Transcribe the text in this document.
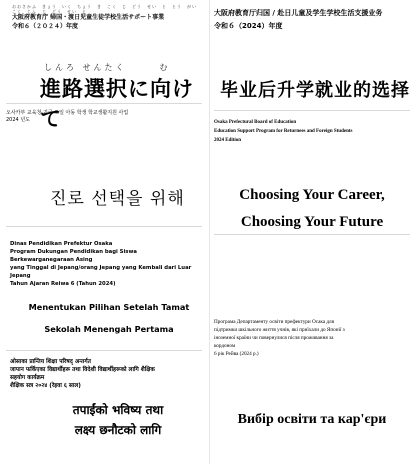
おおさかふ　きょう　いく　ちょう　き　こく　じ　どう　せい　と　とう　がい　こく　じん　じ　どう　せい　と
大阪府教育庁 帰国・渡日児童生徒学校生活サポート事業
令和６（２０２４）年度
しんろ せんたく　　　む
進路選択に向けて
大阪府教育厅归国 / 赴日儿童及学生学校生活支援业务
令和６（2024）年度
毕业后升学就业的选择
오사카부 교육청 귀국·도일 아동 학생 학교생활지원 사업
2024 년도
진로 선택을 위해
Osaka Prefectural Board of Education
Education Support Program for Returnees and Foreign Students
2024 Edition
Choosing Your Career,
Choosing Your Future
Dinas Pendidikan Prefektur Osaka
Program Dukungan Pendidikan bagi Siswa Berkewarganegaraan Asing
yang Tinggal di Jepang/orang Jepang yang Kembali dari Luar Jepang
Tahun Ajaran Reiwa 6 (Tahun 2024)
Menentukan Pilihan Setelah Tamat
Sekolah Menengah Pertama
Програма Департаменту освіти префектури Осака для
підтримки шкільного життя учнів, які приїхали до Японії з
іноземної країни чи повернулися після проживання за
кордоном
6 рік Рейва (2024 р.)
Вибір освіти та кар'єри
ओसाका प्रान्तिय शिक्षा परिषद् अन्तर्गत
जापान फर्किएका विद्यार्थीहरू तथा विदेशी विद्यार्थीहरूको लागि शैक्षिक
सहयोग कार्यक्रम
शैक्षिक सत्र २०२४ (रेइवा ६ साल)
तपाईंको भविष्य तथा
लक्ष्य छनौटको लागि
